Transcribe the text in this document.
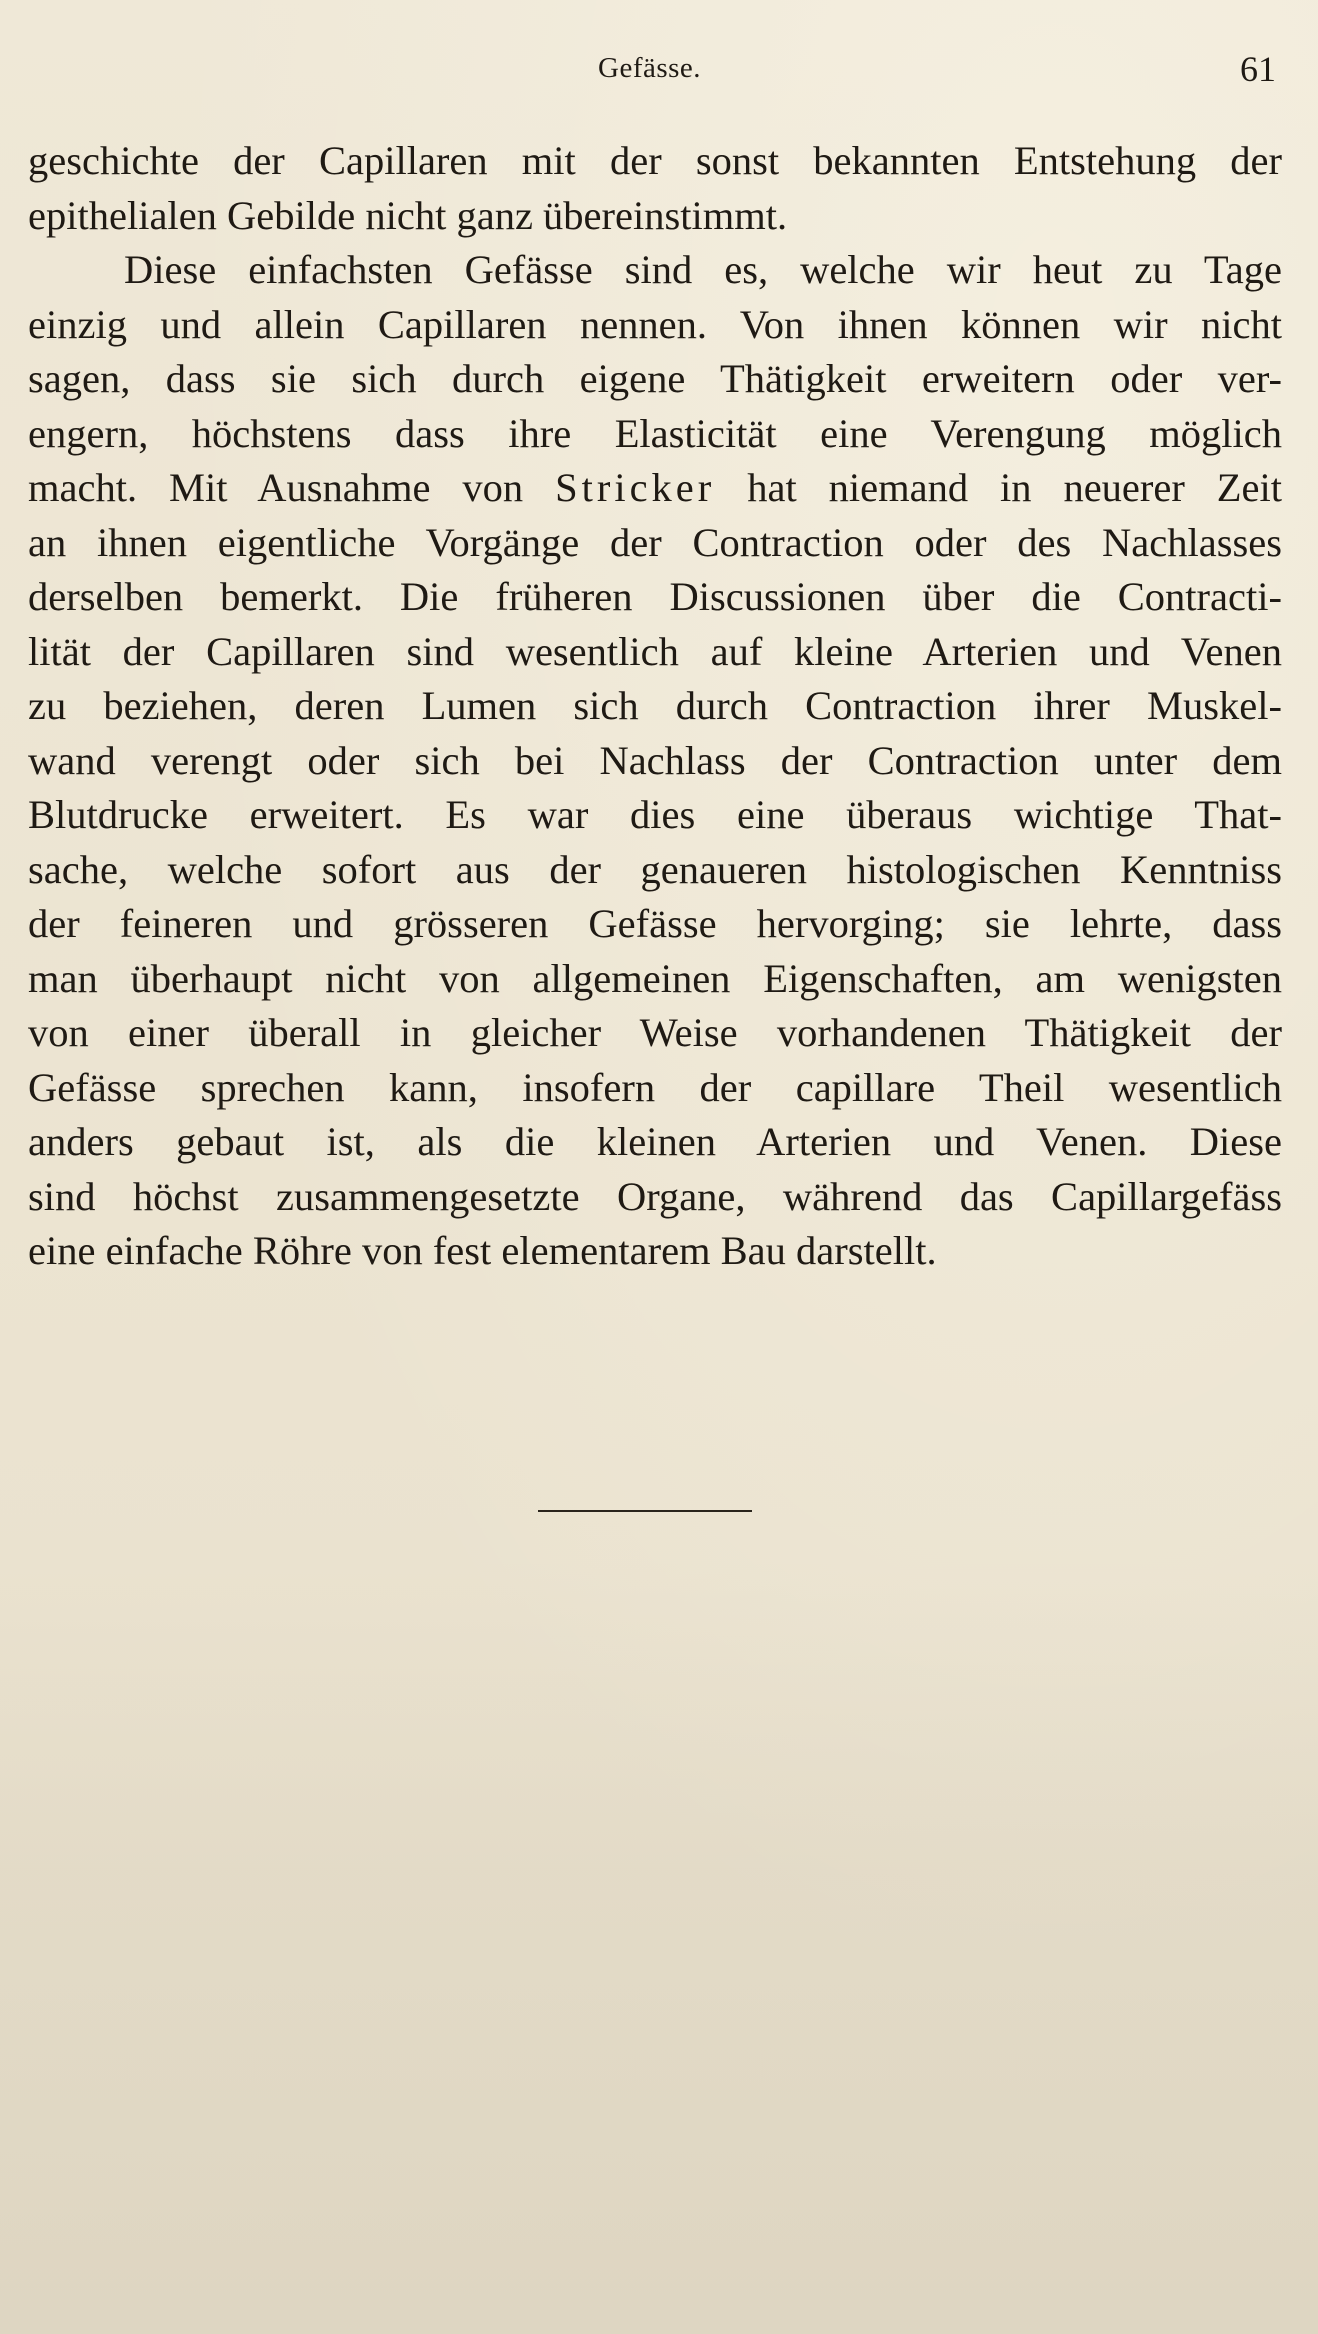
Gefässe.	61
geschichte der Capillaren mit der sonst bekannten Entstehung der
epithelialen Gebilde nicht ganz übereinstimmt.
Diese einfachsten Gefässe sind es, welche wir heut zu Tage
einzig und allein Capillaren nennen. Von ihnen können wir nicht
sagen, dass sie sich durch eigene Thätigkeit erweitern oder ver-
engern, höchstens dass ihre Elasticität eine Verengung möglich
macht. Mit Ausnahme von Stricker hat niemand in neuerer Zeit
an ihnen eigentliche Vorgänge der Contraction oder des Nachlasses
derselben bemerkt. Die früheren Discussionen über die Contracti-
lität der Capillaren sind wesentlich auf kleine Arterien und Venen
zu beziehen, deren Lumen sich durch Contraction ihrer Muskel-
wand verengt oder sich bei Nachlass der Contraction unter dem
Blutdrucke erweitert. Es war dies eine überaus wichtige That-
sache, welche sofort aus der genaueren histologischen Kenntniss
der feineren und grösseren Gefässe hervorging; sie lehrte, dass
man überhaupt nicht von allgemeinen Eigenschaften, am wenigsten
von einer überall in gleicher Weise vorhandenen Thätigkeit der
Gefässe sprechen kann, insofern der capillare Theil wesentlich
anders gebaut ist, als die kleinen Arterien und Venen. Diese
sind höchst zusammengesetzte Organe, während das Capillargefäss
eine einfache Röhre von fest elementarem Bau darstellt.
